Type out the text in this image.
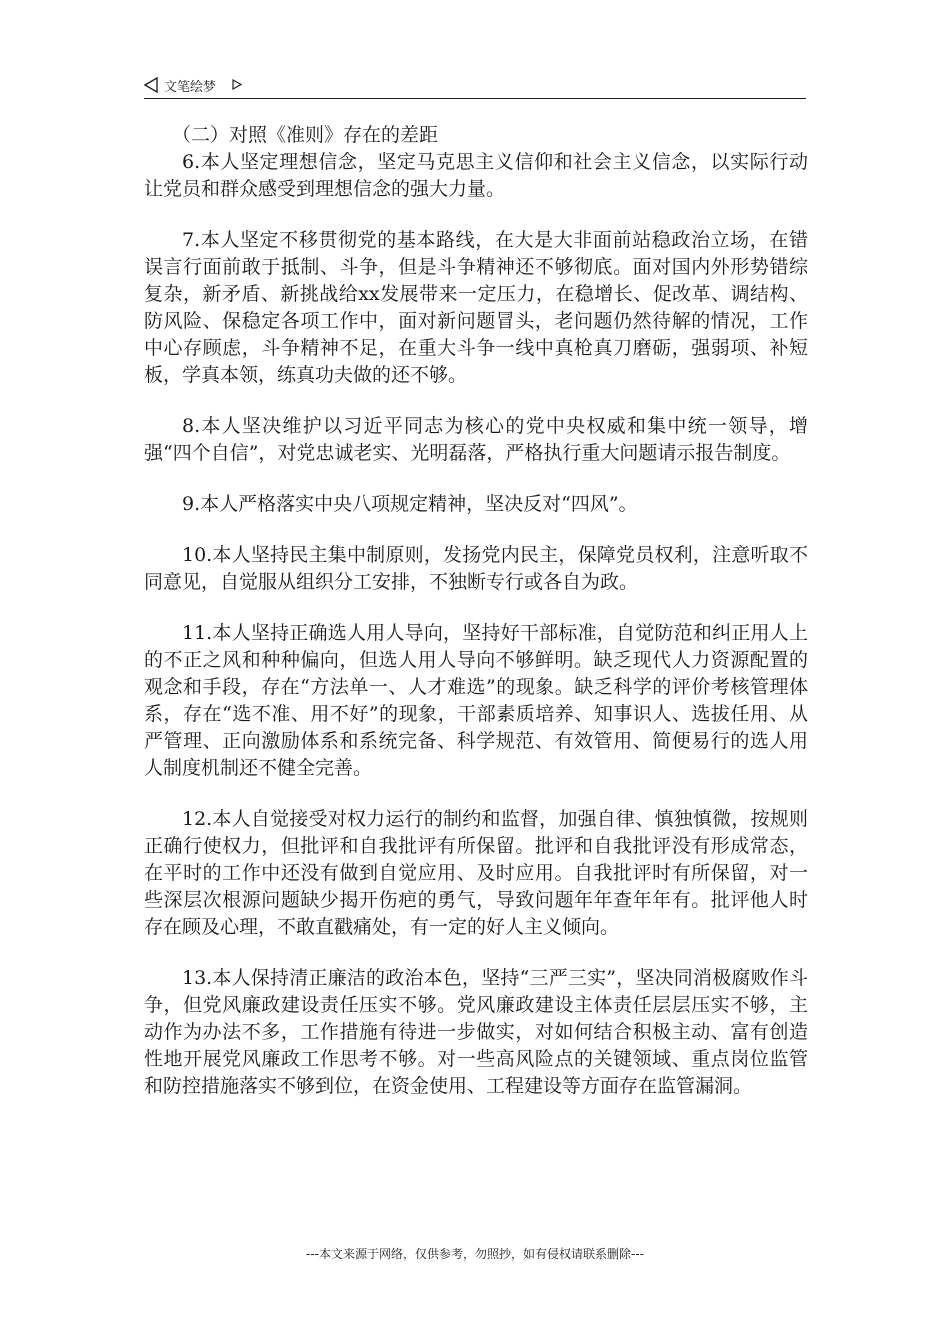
文笔绘梦

（二）对照《准则》存在的差距

6.本人坚定理想信念，坚定马克思主义信仰和社会主义信念，以实际行动让党员和群众感受到理想信念的强大力量。

7.本人坚定不移贯彻党的基本路线，在大是大非面前站稳政治立场，在错误言行面前敢于抵制、斗争，但是斗争精神还不够彻底。面对国内外形势错综复杂，新矛盾、新挑战给xx发展带来一定压力，在稳增长、促改革、调结构、防风险、保稳定各项工作中，面对新问题冒头，老问题仍然待解的情况，工作中心存顾虑，斗争精神不足，在重大斗争一线中真枪真刀磨砺，强弱项、补短板，学真本领，练真功夫做的还不够。

8.本人坚决维护以习近平同志为核心的党中央权威和集中统一领导，增强“四个自信”，对党忠诚老实、光明磊落，严格执行重大问题请示报告制度。

9.本人严格落实中央八项规定精神，坚决反对“四风”。

10.本人坚持民主集中制原则，发扬党内民主，保障党员权利，注意听取不同意见，自觉服从组织分工安排，不独断专行或各自为政。

11.本人坚持正确选人用人导向，坚持好干部标准，自觉防范和纠正用人上的不正之风和种种偏向，但选人用人导向不够鲜明。缺乏现代人力资源配置的观念和手段，存在“方法单一、人才难选”的现象。缺乏科学的评价考核管理体系，存在“选不准、用不好”的现象，干部素质培养、知事识人、选拔任用、从严管理、正向激励体系和系统完备、科学规范、有效管用、简便易行的选人用人制度机制还不健全完善。

12.本人自觉接受对权力运行的制约和监督，加强自律、慎独慎微，按规则正确行使权力，但批评和自我批评有所保留。批评和自我批评没有形成常态，在平时的工作中还没有做到自觉应用、及时应用。自我批评时有所保留，对一些深层次根源问题缺少揭开伤疤的勇气，导致问题年年查年年有。批评他人时存在顾及心理，不敢直戳痛处，有一定的好人主义倾向。

13.本人保持清正廉洁的政治本色，坚持“三严三实”，坚决同消极腐败作斗争，但党风廉政建设责任压实不够。党风廉政建设主体责任层层压实不够，主动作为办法不多，工作措施有待进一步做实，对如何结合积极主动、富有创造性地开展党风廉政工作思考不够。对一些高风险点的关键领域、重点岗位监管和防控措施落实不够到位，在资金使用、工程建设等方面存在监管漏洞。

---本文来源于网络，仅供参考，勿照抄，如有侵权请联系删除---
